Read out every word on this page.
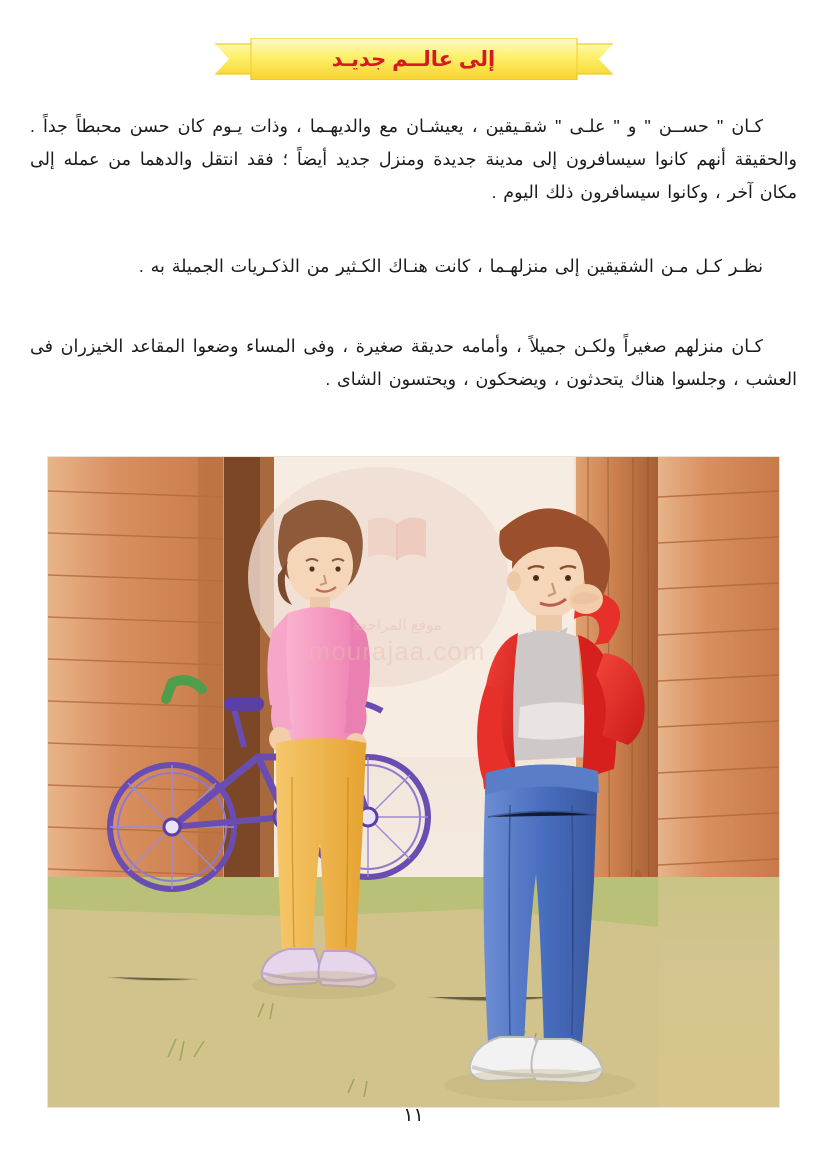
إلى عالــم جديـد

كـان " حســن " و " علـى " شقـيقين ، يعيشـان مع والديهـما ، وذات يـوم كان حسن محبطاً جداً . والحقيقة أنهم كانوا سيسافرون إلى مدينة جديدة ومنزل جديد أيضاً ؛ فقد انتقل والدهما من عمله إلى مكان آخر ، وكانوا سيسافرون ذلك اليوم .

نظـر كـل مـن الشقيقين إلى منزلهـما ، كانت هنـاك الكـثير من الذكـريات الجميلة به .

كـان منزلهم صغيراً ولكـن جميلاً ، وأمامه حديقة صغيرة ، وفى المساء وضعوا المقاعد الخيزران فى العشب ، وجلسوا هناك يتحدثون ، ويضحكون ، ويحتسون الشاى .

موقع المراجعة
mourajaa.com
١١
